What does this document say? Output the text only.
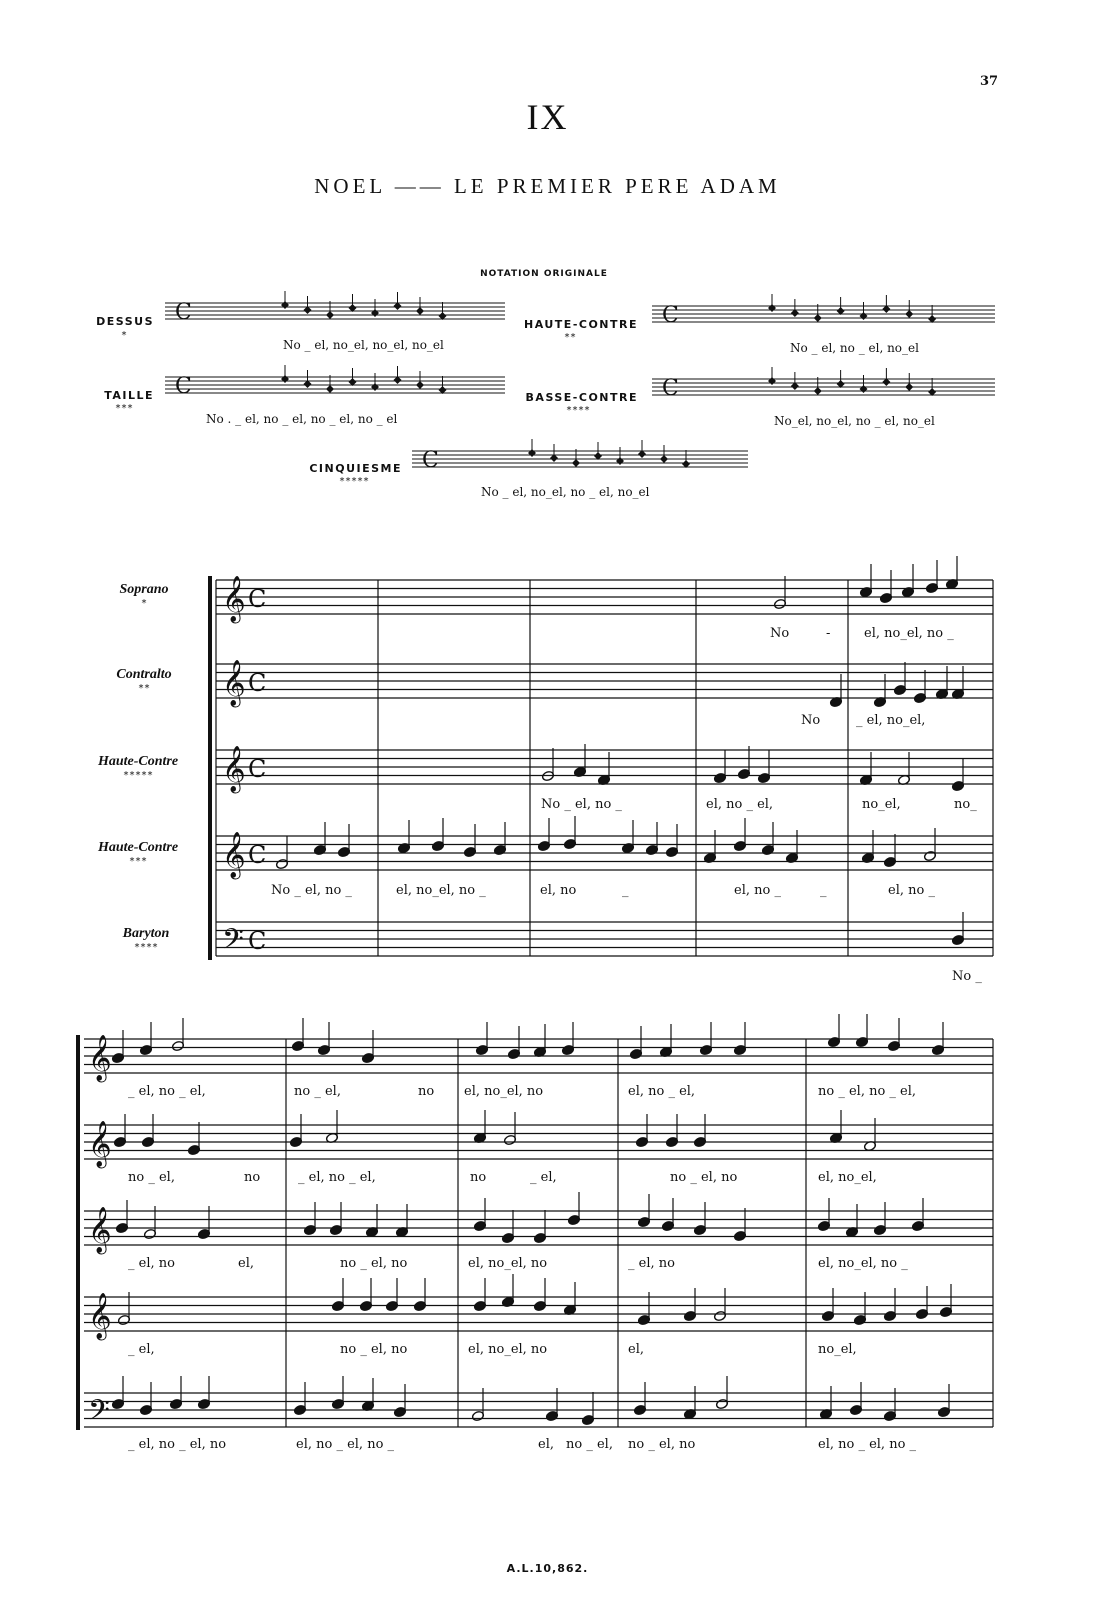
37
IX
NOEL —— LE PREMIER PERE ADAM
NOTATION ORIGINALE
DESSUS
*
No _ el, no_el, no_el, no_el
HAUTE-CONTRE
**
No _ el, no _ el, no_el
TAILLE
***
No . _ el, no _ el, no _ el, no _ el
BASSE-CONTRE
****
No_el, no_el, no _ el, no_el
CINQUIESME
*****
No _ el, no_el, no _ el, no_el
Soprano
*
Contralto
**
Haute-Contre
*****
Haute-Contre
***
Baryton
****
No	-	el, no_el, no _
No	_ el, no_el,
No _ el, no _	el, no _ el,	no_el,	no_
No _ el, no _	el, no_el, no _	el, no	_	el, no _	_	el, no _
No _
_ el, no _ el,	no _ el,	no el, no_el, no	el, no _ el,	no _ el, no _ el,
no _ el,	no	_ el, no _ el,	no	_ el,	no _ el, no	el, no_el,
_ el, no	el,	no _ el, no	el, no_el, no	_ el, no	el, no_el, no _
_ el,	no _ el, no	el, no_el, no	el,	no_el,
_ el, no _ el, no	el, no _ el, no _	el, no _ el, no _ el, no	el, no _ el, no _
A.L.10,862.
C	C
C	C
C
𝄞 C
𝄞 C
𝄞 C
𝄞 C
𝄢 C
𝄞
𝄞
𝄞
𝄞
𝄢
